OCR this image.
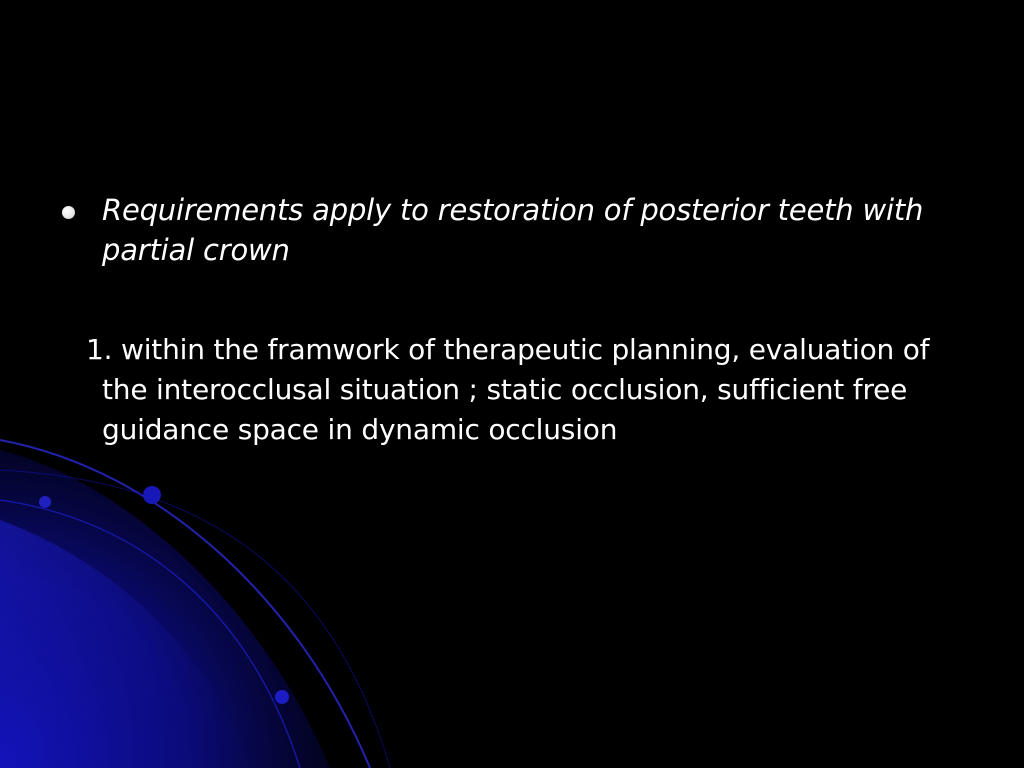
Requirements apply to restoration of posterior teeth with partial crown
1. within the framwork of therapeutic planning, evaluation of the interocclusal situation ; static occlusion, sufficient free guidance space in dynamic occlusion
